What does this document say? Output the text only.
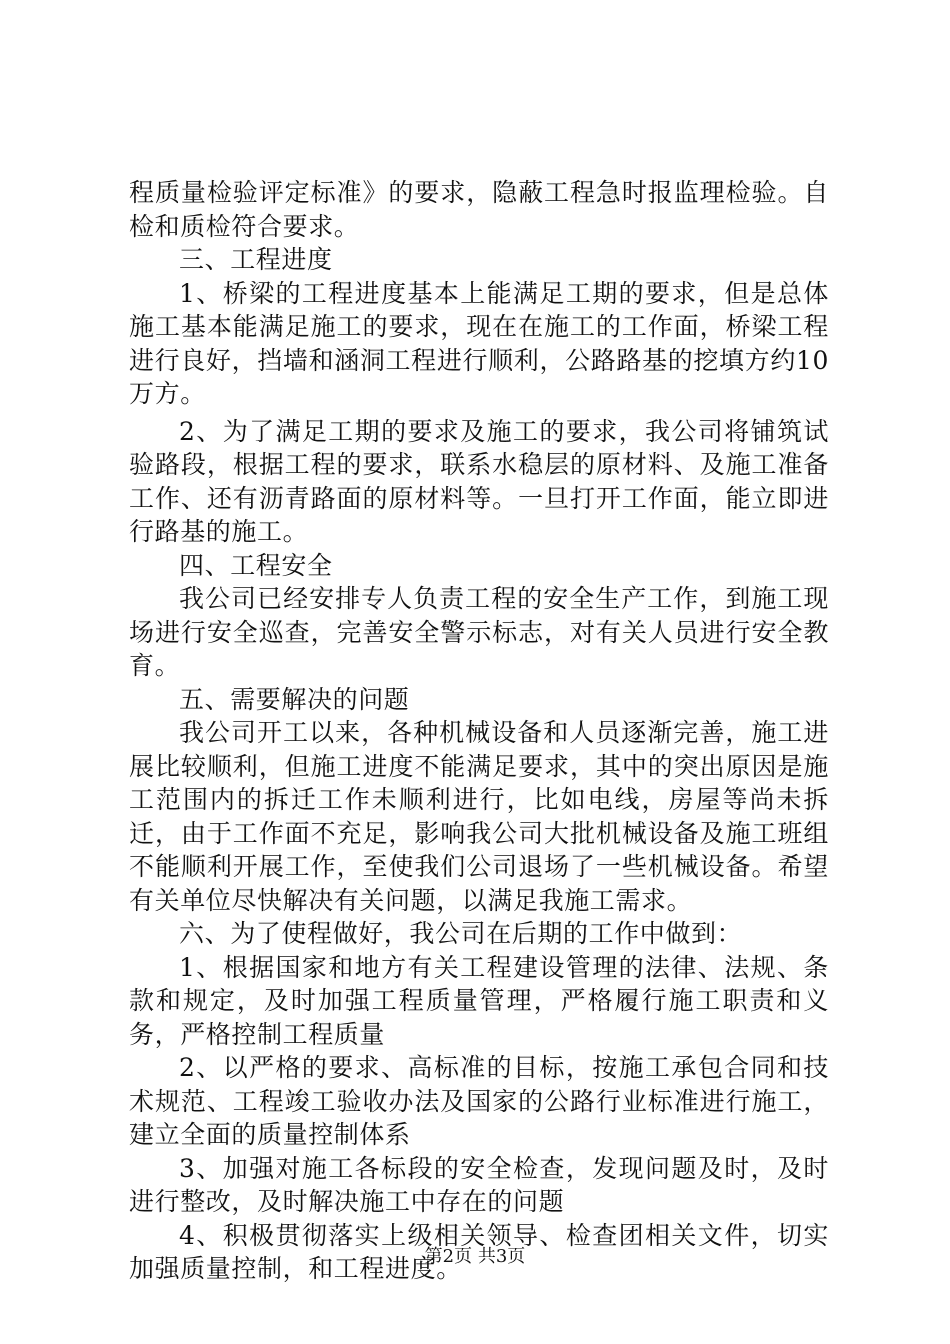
程质量检验评定标准》的要求，隐蔽工程急时报监理检验。自检和质检符合要求。

三、工程进度

1、桥梁的工程进度基本上能满足工期的要求，但是总体施工基本能满足施工的要求，现在在施工的工作面，桥梁工程进行良好，挡墙和涵洞工程进行顺利，公路路基的挖填方约10万方。

2、为了满足工期的要求及施工的要求，我公司将铺筑试验路段，根据工程的要求，联系水稳层的原材料、及施工准备工作、还有沥青路面的原材料等。一旦打开工作面，能立即进行路基的施工。

四、工程安全

我公司已经安排专人负责工程的安全生产工作，到施工现场进行安全巡查，完善安全警示标志，对有关人员进行安全教育。

五、需要解决的问题

我公司开工以来，各种机械设备和人员逐渐完善，施工进展比较顺利，但施工进度不能满足要求，其中的突出原因是施工范围内的拆迁工作未顺利进行，比如电线，房屋等尚未拆迁，由于工作面不充足，影响我公司大批机械设备及施工班组不能顺利开展工作，至使我们公司退场了一些机械设备。希望有关单位尽快解决有关问题，以满足我施工需求。

六、为了使程做好，我公司在后期的工作中做到：

1、根据国家和地方有关工程建设管理的法律、法规、条款和规定，及时加强工程质量管理，严格履行施工职责和义务，严格控制工程质量

2、以严格的要求、高标准的目标，按施工承包合同和技术规范、工程竣工验收办法及国家的公路行业标准进行施工，建立全面的质量控制体系

3、加强对施工各标段的安全检查，发现问题及时，及时进行整改，及时解决施工中存在的问题

4、积极贯彻落实上级相关领导、检查团相关文件，切实加强质量控制，和工程进度。

第2页 共3页
